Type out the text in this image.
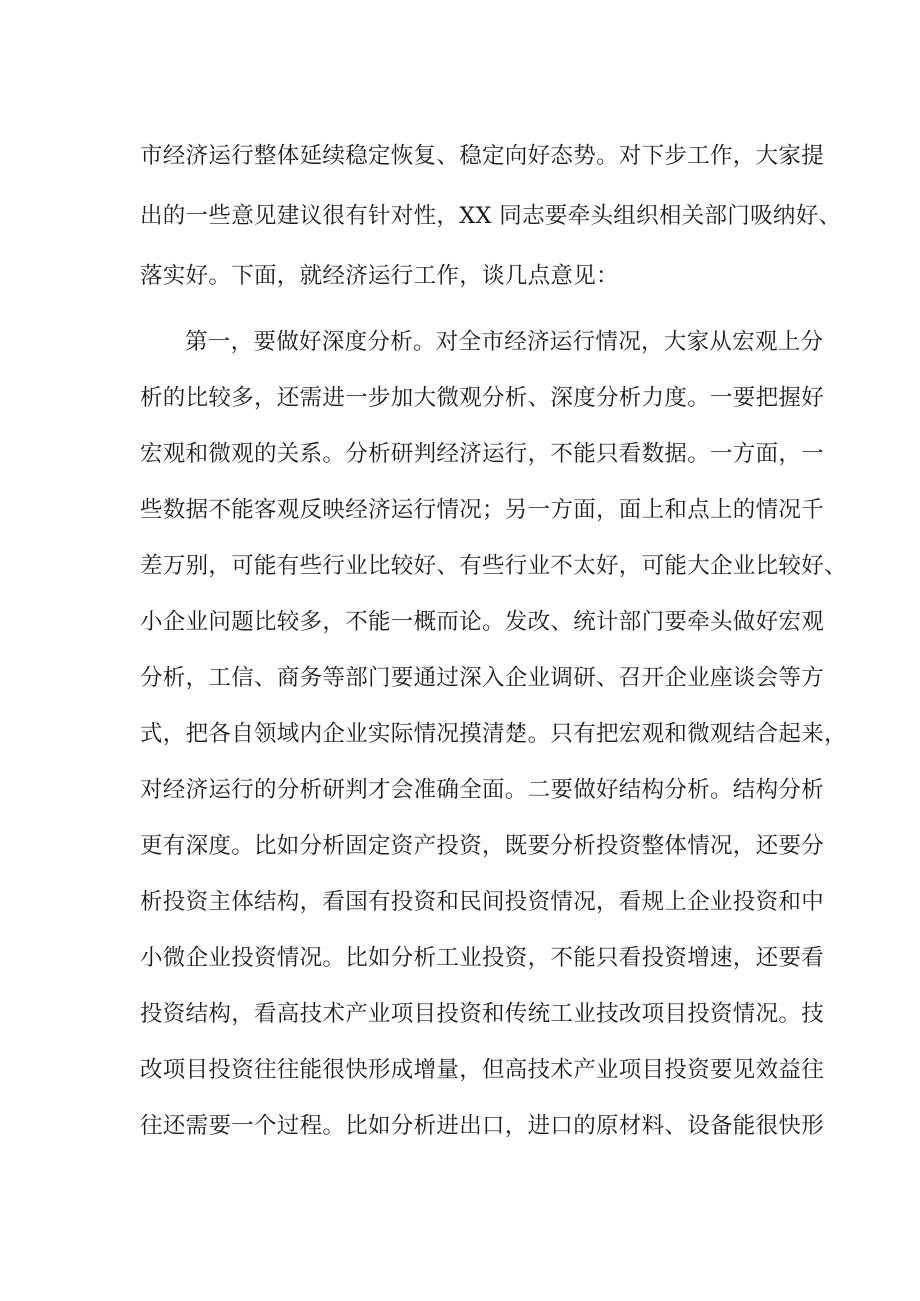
市经济运行整体延续稳定恢复、稳定向好态势。对下步工作，大家提
出的一些意见建议很有针对性，XX 同志要牵头组织相关部门吸纳好、
落实好。下面，就经济运行工作，谈几点意见：
第一，要做好深度分析。对全市经济运行情况，大家从宏观上分
析的比较多，还需进一步加大微观分析、深度分析力度。一要把握好
宏观和微观的关系。分析研判经济运行，不能只看数据。一方面，一
些数据不能客观反映经济运行情况；另一方面，面上和点上的情况千
差万别，可能有些行业比较好、有些行业不太好，可能大企业比较好、
小企业问题比较多，不能一概而论。发改、统计部门要牵头做好宏观
分析，工信、商务等部门要通过深入企业调研、召开企业座谈会等方
式，把各自领域内企业实际情况摸清楚。只有把宏观和微观结合起来，
对经济运行的分析研判才会准确全面。二要做好结构分析。结构分析
更有深度。比如分析固定资产投资，既要分析投资整体情况，还要分
析投资主体结构，看国有投资和民间投资情况，看规上企业投资和中
小微企业投资情况。比如分析工业投资，不能只看投资增速，还要看
投资结构，看高技术产业项目投资和传统工业技改项目投资情况。技
改项目投资往往能很快形成增量，但高技术产业项目投资要见效益往
往还需要一个过程。比如分析进出口，进口的原材料、设备能很快形
